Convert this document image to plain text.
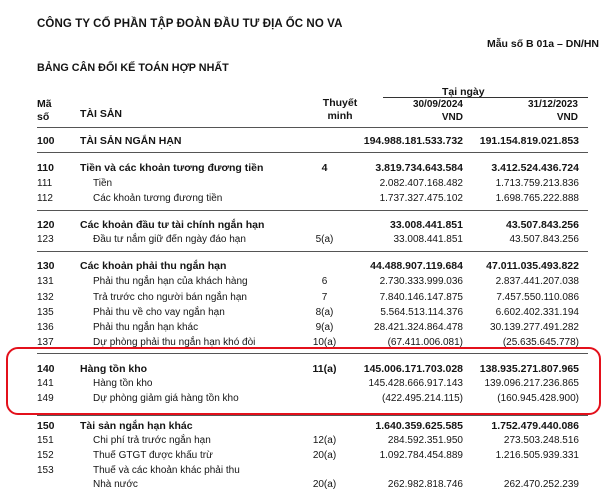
CÔNG TY CỔ PHẦN TẬP ĐOÀN ĐẦU TƯ ĐỊA ỐC NO VA
Mẫu số B 01a – DN/HN
BẢNG CÂN ĐỐI KẾ TOÁN HỢP NHẤT
Mã
số	TÀI SẢN
Thuyết
minh
Tại ngày
30/09/2024
VND
31/12/2023
VND
100 TÀI SẢN NGẮN HẠN	194.988.181.533.732	191.154.819.021.853
110 Tiền và các khoản tương đương tiền	4	3.819.734.643.584	3.412.524.436.724
111	Tiền	2.082.407.168.482	1.713.759.213.836
112	Các khoản tương đương tiền	1.737.327.475.102	1.698.765.222.888
120 Các khoản đầu tư tài chính ngắn hạn	33.008.441.851	43.507.843.256
123	Đầu tư nắm giữ đến ngày đáo hạn	5(a)	33.008.441.851	43.507.843.256
130 Các khoản phải thu ngắn hạn	44.488.907.119.684	47.011.035.493.822
131	Phải thu ngắn hạn của khách hàng	6	2.730.333.999.036	2.837.441.207.038
132	Trả trước cho người bán ngắn hạn	7	7.840.146.147.875	7.457.550.110.086
135	Phải thu về cho vay ngắn hạn	8(a)	5.564.513.114.376	6.602.402.331.194
136	Phải thu ngắn hạn khác	9(a)	28.421.324.864.478	30.139.277.491.282
137	Dự phòng phải thu ngắn hạn khó đòi	10(a)	(67.411.006.081)	(25.635.645.778)
140 Hàng tồn kho	11(a)	145.006.171.703.028	138.935.271.807.965
141	Hàng tồn kho	145.428.666.917.143	139.096.217.236.865
149	Dự phòng giảm giá hàng tồn kho	(422.495.214.115)	(160.945.428.900)
150 Tài sản ngắn hạn khác	1.640.359.625.585	1.752.479.440.086
151	Chi phí trả trước ngắn hạn	12(a)	284.592.351.950	273.503.248.516
152	Thuế GTGT được khấu trừ	20(a)	1.092.784.454.889	1.216.505.939.331
153	Thuế và các khoản khác phải thu
Nhà nước	20(a)	262.982.818.746	262.470.252.239
